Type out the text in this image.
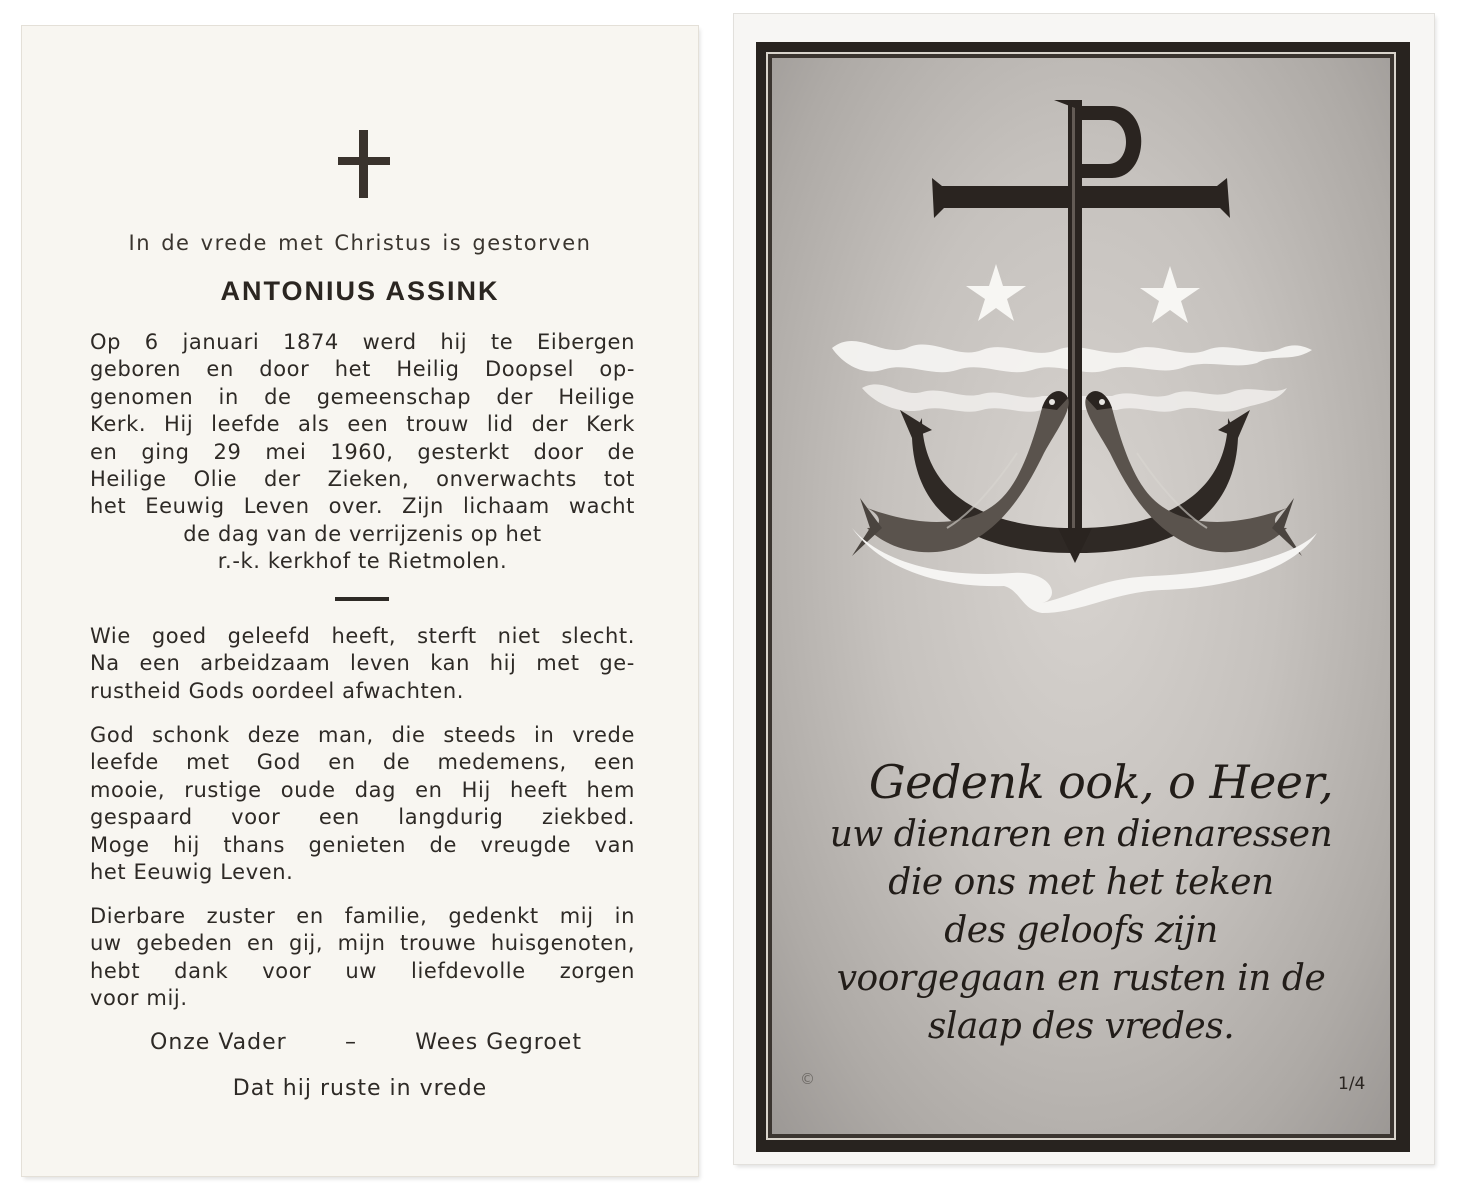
In de vrede met Christus is gestorven
ANTONIUS ASSINK
Op 6 januari 1874 werd hij te Eibergen
geboren en door het Heilig Doopsel op-
genomen in de gemeenschap der Heilige
Kerk. Hij leefde als een trouw lid der Kerk
en ging 29 mei 1960, gesterkt door de
Heilige Olie der Zieken, onverwachts tot
het Eeuwig Leven over. Zijn lichaam wacht
de dag van de verrijzenis op het
r.-k. kerkhof te Rietmolen.
Wie goed geleefd heeft, sterft niet slecht.
Na een arbeidzaam leven kan hij met ge-
rustheid Gods oordeel afwachten.
God schonk deze man, die steeds in vrede
leefde met God en de medemens, een
mooie, rustige oude dag en Hij heeft hem
gespaard voor een langdurig ziekbed.
Moge hij thans genieten de vreugde van
het Eeuwig Leven.
Dierbare zuster en familie, gedenkt mij in
uw gebeden en gij, mijn trouwe huisgenoten,
hebt dank voor uw liefdevolle zorgen
voor mij.
Onze Vader	–	Wees Gegroet
Dat hij ruste in vrede
Gedenk ook, o Heer,
uw dienaren en dienaressen
die ons met het teken
des geloofs zijn
voorgegaan en rusten in de
slaap des vredes.
©	1/4
